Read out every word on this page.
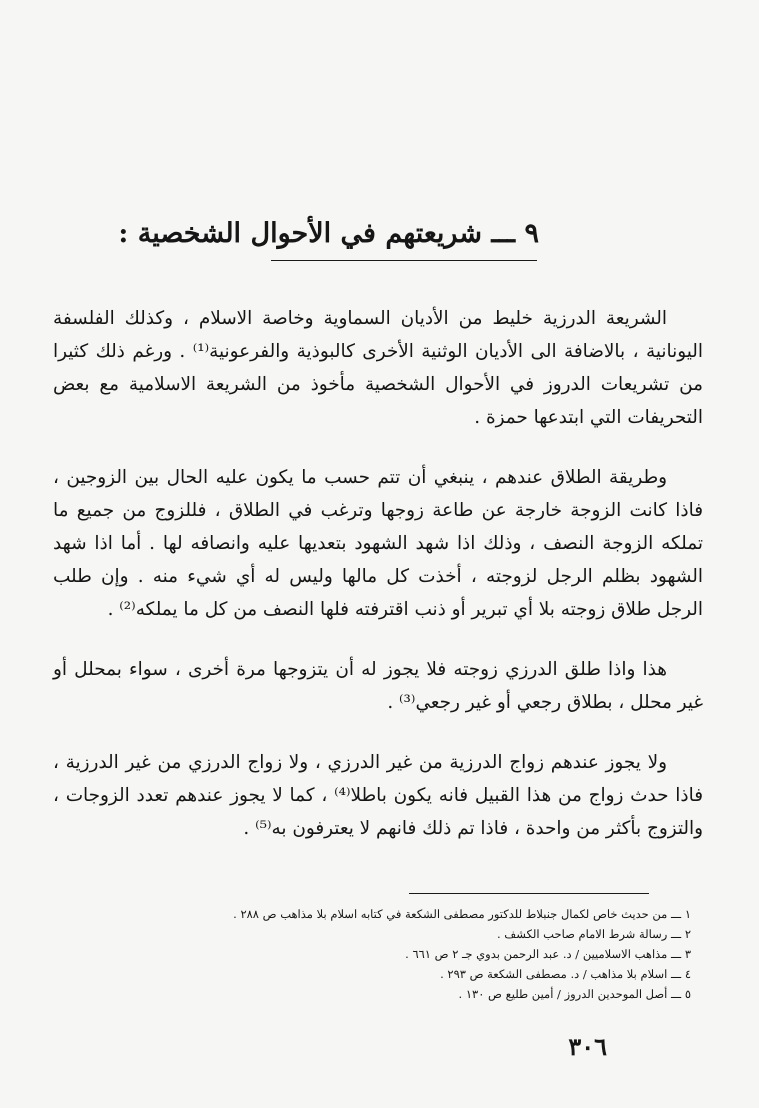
٩ ـــ شريعتهم في الأحوال الشخصية :

الشريعة الدرزية خليط من الأديان السماوية وخاصة الاسلام ، وكذلك الفلسفة اليونانية ، بالاضافة الى الأديان الوثنية الأخرى كالبوذية والفرعونية⁽¹⁾ . ورغم ذلك كثيرا من تشريعات الدروز في الأحوال الشخصية مأخوذ من الشريعة الاسلامية مع بعض التحريفات التي ابتدعها حمزة .

وطريقة الطلاق عندهم ، ينبغي أن تتم حسب ما يكون عليه الحال بين الزوجين ، فاذا كانت الزوجة خارجة عن طاعة زوجها وترغب في الطلاق ، فللزوج من جميع ما تملكه الزوجة النصف ، وذلك اذا شهد الشهود بتعديها عليه وانصافه لها . أما اذا شهد الشهود بظلم الرجل لزوجته ، أخذت كل مالها وليس له أي شيء منه . وإن طلب الرجل طلاق زوجته بلا أي تبرير أو ذنب اقترفته فلها النصف من كل ما يملكه⁽²⁾ .

هذا واذا طلق الدرزي زوجته فلا يجوز له أن يتزوجها مرة أخرى ، سواء بمحلل أو غير محلل ، بطلاق رجعي أو غير رجعي⁽³⁾ .

ولا يجوز عندهم زواج الدرزية من غير الدرزي ، ولا زواج الدرزي من غير الدرزية ، فاذا حدث زواج من هذا القبيل فانه يكون باطلا⁽⁴⁾ ، كما لا يجوز عندهم تعدد الزوجات ، والتزوج بأكثر من واحدة ، فاذا تم ذلك فانهم لا يعترفون به⁽⁵⁾ .

١ ـــ من حديث خاص لكمال جنبلاط للدكتور مصطفى الشكعة في كتابه اسلام بلا مذاهب ص ٢٨٨ .
٢ ـــ رسالة شرط الامام صاحب الكشف .
٣ ـــ مذاهب الاسلاميين / د. عبد الرحمن بدوي جـ ٢ ص ٦٦١ .
٤ ـــ اسلام بلا مذاهب / د. مصطفى الشكعة ص ٢٩٣ .
٥ ـــ أصل الموحدين الدروز / أمين طليع ص ١٣٠ .
٣٠٦
